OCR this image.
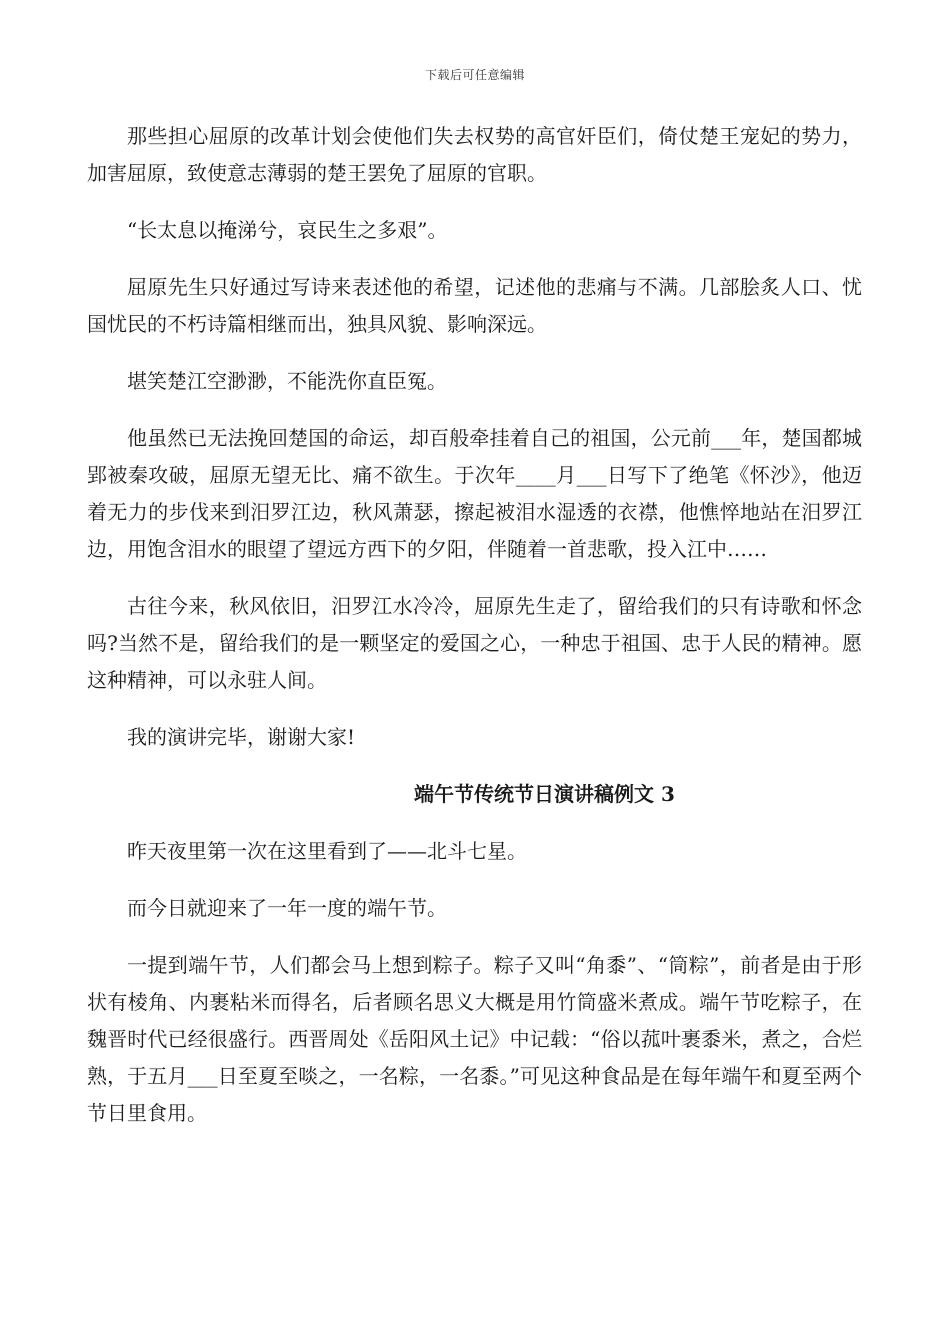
下载后可任意编辑

那些担心屈原的改革计划会使他们失去权势的高官奸臣们，倚仗楚王宠妃的势力，加害屈原，致使意志薄弱的楚王罢免了屈原的官职。

“长太息以掩涕兮，哀民生之多艰”。

屈原先生只好通过写诗来表述他的希望，记述他的悲痛与不满。几部脍炙人口、忧国忧民的不朽诗篇相继而出，独具风貌、影响深远。

堪笑楚江空渺渺，不能洗你直臣冤。

他虽然已无法挽回楚国的命运，却百般牵挂着自己的祖国，公元前___年，楚国都城郢被秦攻破，屈原无望无比、痛不欲生。于次年____月___日写下了绝笔《怀沙》，他迈着无力的步伐来到汨罗江边，秋风萧瑟，擦起被泪水湿透的衣襟，他憔悴地站在汨罗江边，用饱含泪水的眼望了望远方西下的夕阳，伴随着一首悲歌，投入江中……

古往今来，秋风依旧，汨罗江水冷冷，屈原先生走了，留给我们的只有诗歌和怀念吗?当然不是，留给我们的是一颗坚定的爱国之心，一种忠于祖国、忠于人民的精神。愿这种精神，可以永驻人间。

我的演讲完毕，谢谢大家!

端午节传统节日演讲稿例文 3

昨天夜里第一次在这里看到了——北斗七星。

而今日就迎来了一年一度的端午节。

一提到端午节，人们都会马上想到粽子。粽子又叫“角黍”、“筒粽”，前者是由于形状有棱角、内裹粘米而得名，后者顾名思义大概是用竹筒盛米煮成。端午节吃粽子，在魏晋时代已经很盛行。西晋周处《岳阳风土记》中记载：“俗以菰叶裹黍米，煮之，合烂熟，于五月___日至夏至啖之，一名粽，一名黍。”可见这种食品是在每年端午和夏至两个节日里食用。
